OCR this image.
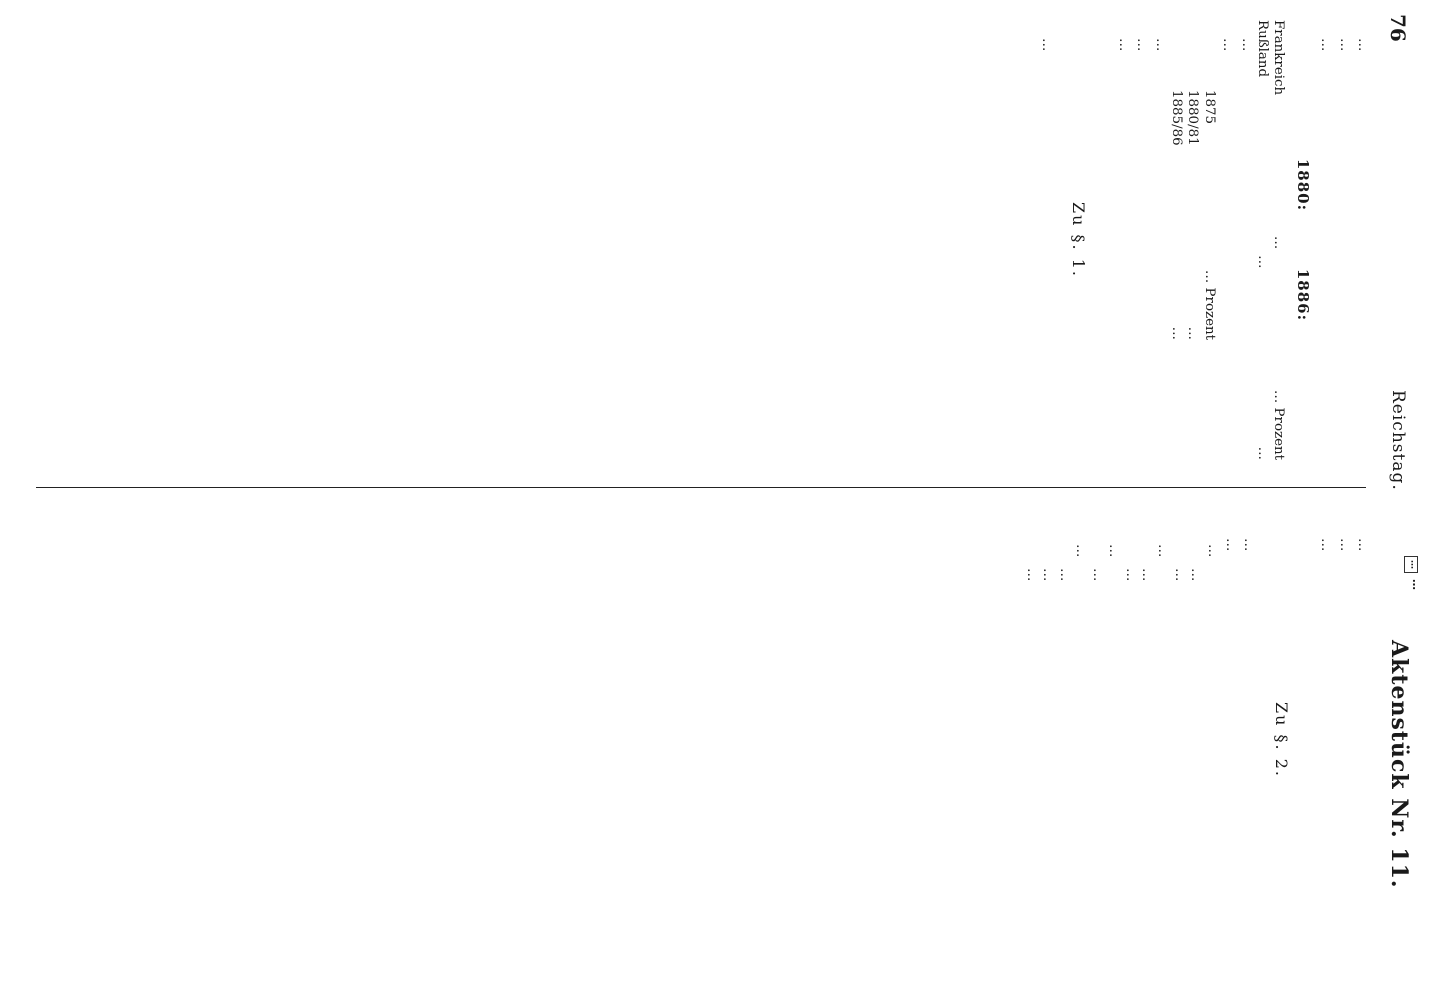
76
Reichstag.
Aktenstück Nr. 11.

…

…

…

1880:          1886:
Frankreich
…
… Prozent
Rußland
…
…

…

…

1875
… Prozent
1880/81
…
1885/86
…

…

…

…

Zu §. 1.

…

…

…

…

Zu §. 2.

…

…

…

…

…

…

…

…

…

…

…

…

…

…

…
…
